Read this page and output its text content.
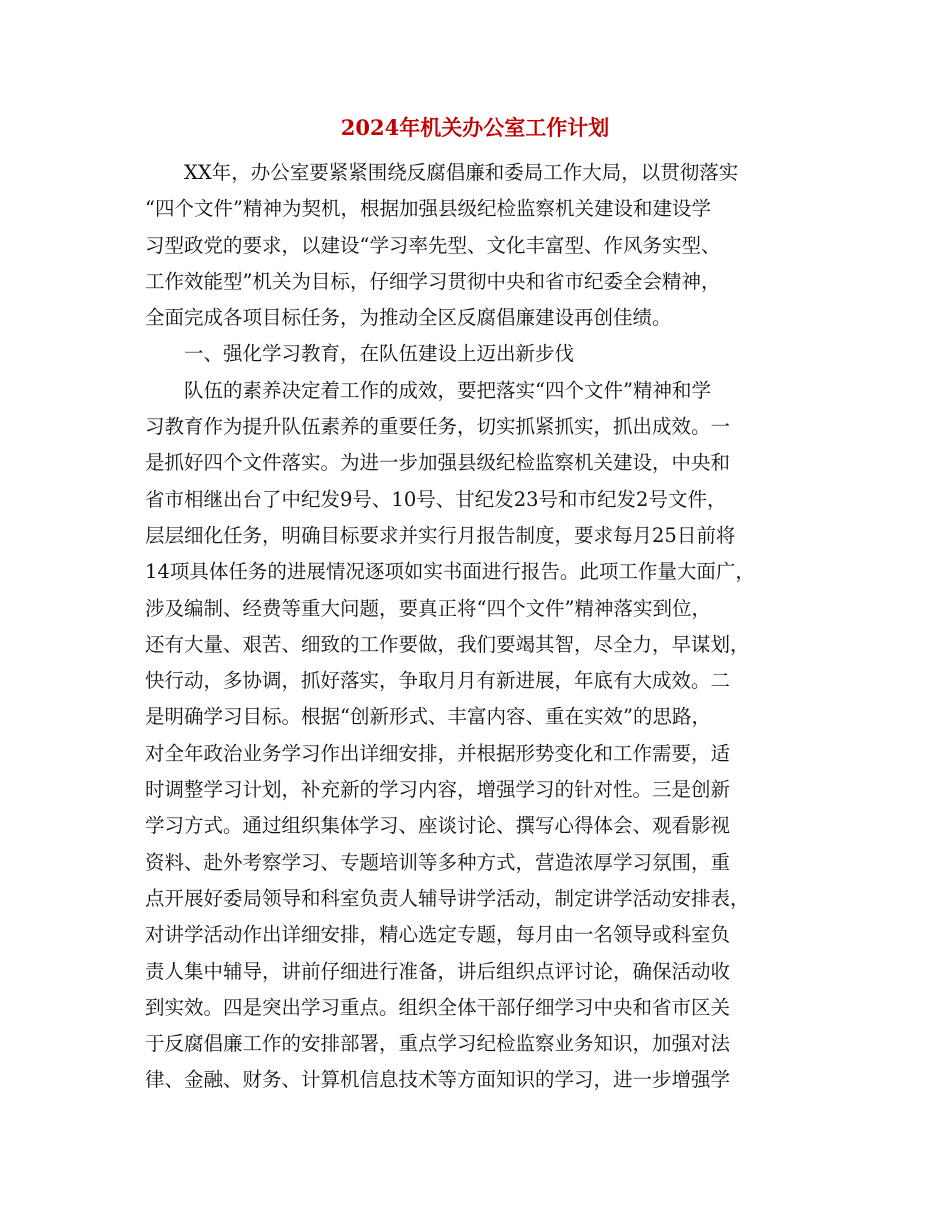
2024年机关办公室工作计划
XX年，办公室要紧紧围绕反腐倡廉和委局工作大局，以贯彻落实
“四个文件”精神为契机，根据加强县级纪检监察机关建设和建设学
习型政党的要求，以建设“学习率先型、文化丰富型、作风务实型、
工作效能型”机关为目标，仔细学习贯彻中央和省市纪委全会精神，
全面完成各项目标任务，为推动全区反腐倡廉建设再创佳绩。
一、强化学习教育，在队伍建设上迈出新步伐
队伍的素养决定着工作的成效，要把落实“四个文件”精神和学
习教育作为提升队伍素养的重要任务，切实抓紧抓实，抓出成效。一
是抓好四个文件落实。为进一步加强县级纪检监察机关建设，中央和
省市相继出台了中纪发9号、10号、甘纪发23号和市纪发2号文件，
层层细化任务，明确目标要求并实行月报告制度，要求每月25日前将
14项具体任务的进展情况逐项如实书面进行报告。此项工作量大面广，
涉及编制、经费等重大问题，要真正将“四个文件”精神落实到位，
还有大量、艰苦、细致的工作要做，我们要竭其智，尽全力，早谋划，
快行动，多协调，抓好落实，争取月月有新进展，年底有大成效。二
是明确学习目标。根据“创新形式、丰富内容、重在实效”的思路，
对全年政治业务学习作出详细安排，并根据形势变化和工作需要，适
时调整学习计划，补充新的学习内容，增强学习的针对性。三是创新
学习方式。通过组织集体学习、座谈讨论、撰写心得体会、观看影视
资料、赴外考察学习、专题培训等多种方式，营造浓厚学习氛围，重
点开展好委局领导和科室负责人辅导讲学活动，制定讲学活动安排表，
对讲学活动作出详细安排，精心选定专题，每月由一名领导或科室负
责人集中辅导，讲前仔细进行准备，讲后组织点评讨论，确保活动收
到实效。四是突出学习重点。组织全体干部仔细学习中央和省市区关
于反腐倡廉工作的安排部署，重点学习纪检监察业务知识，加强对法
律、金融、财务、计算机信息技术等方面知识的学习，进一步增强学
